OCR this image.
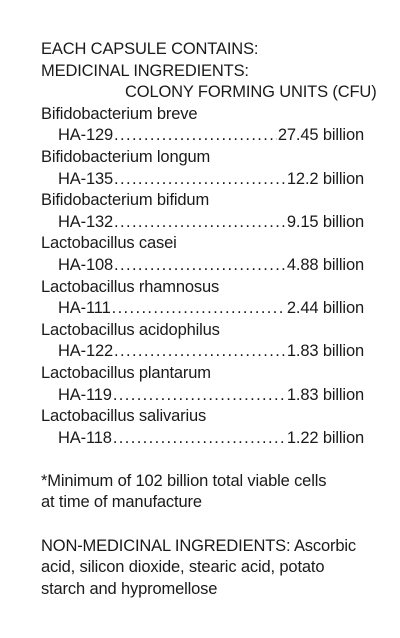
EACH CAPSULE CONTAINS:
MEDICINAL INGREDIENTS:
COLONY FORMING UNITS (CFU)
Bifidobacterium breve
HA-129 . . .	27.45 billion
Bifidobacterium longum
HA-135 . . .	12.2 billion
Bifidobacterium bifidum
HA-132 . . .	9.15 billion
Lactobacillus casei
HA-108 . . .	4.88 billion
Lactobacillus rhamnosus
HA-111 . . .	2.44 billion
Lactobacillus acidophilus
HA-122 . . .	1.83 billion
Lactobacillus plantarum
HA-119 . . .	1.83 billion
Lactobacillus salivarius
HA-118 . . .	1.22 billion
*Minimum of 102 billion total viable cells
at time of manufacture
NON-MEDICINAL INGREDIENTS: Ascorbic
acid, silicon dioxide, stearic acid, potato
starch and hypromellose
